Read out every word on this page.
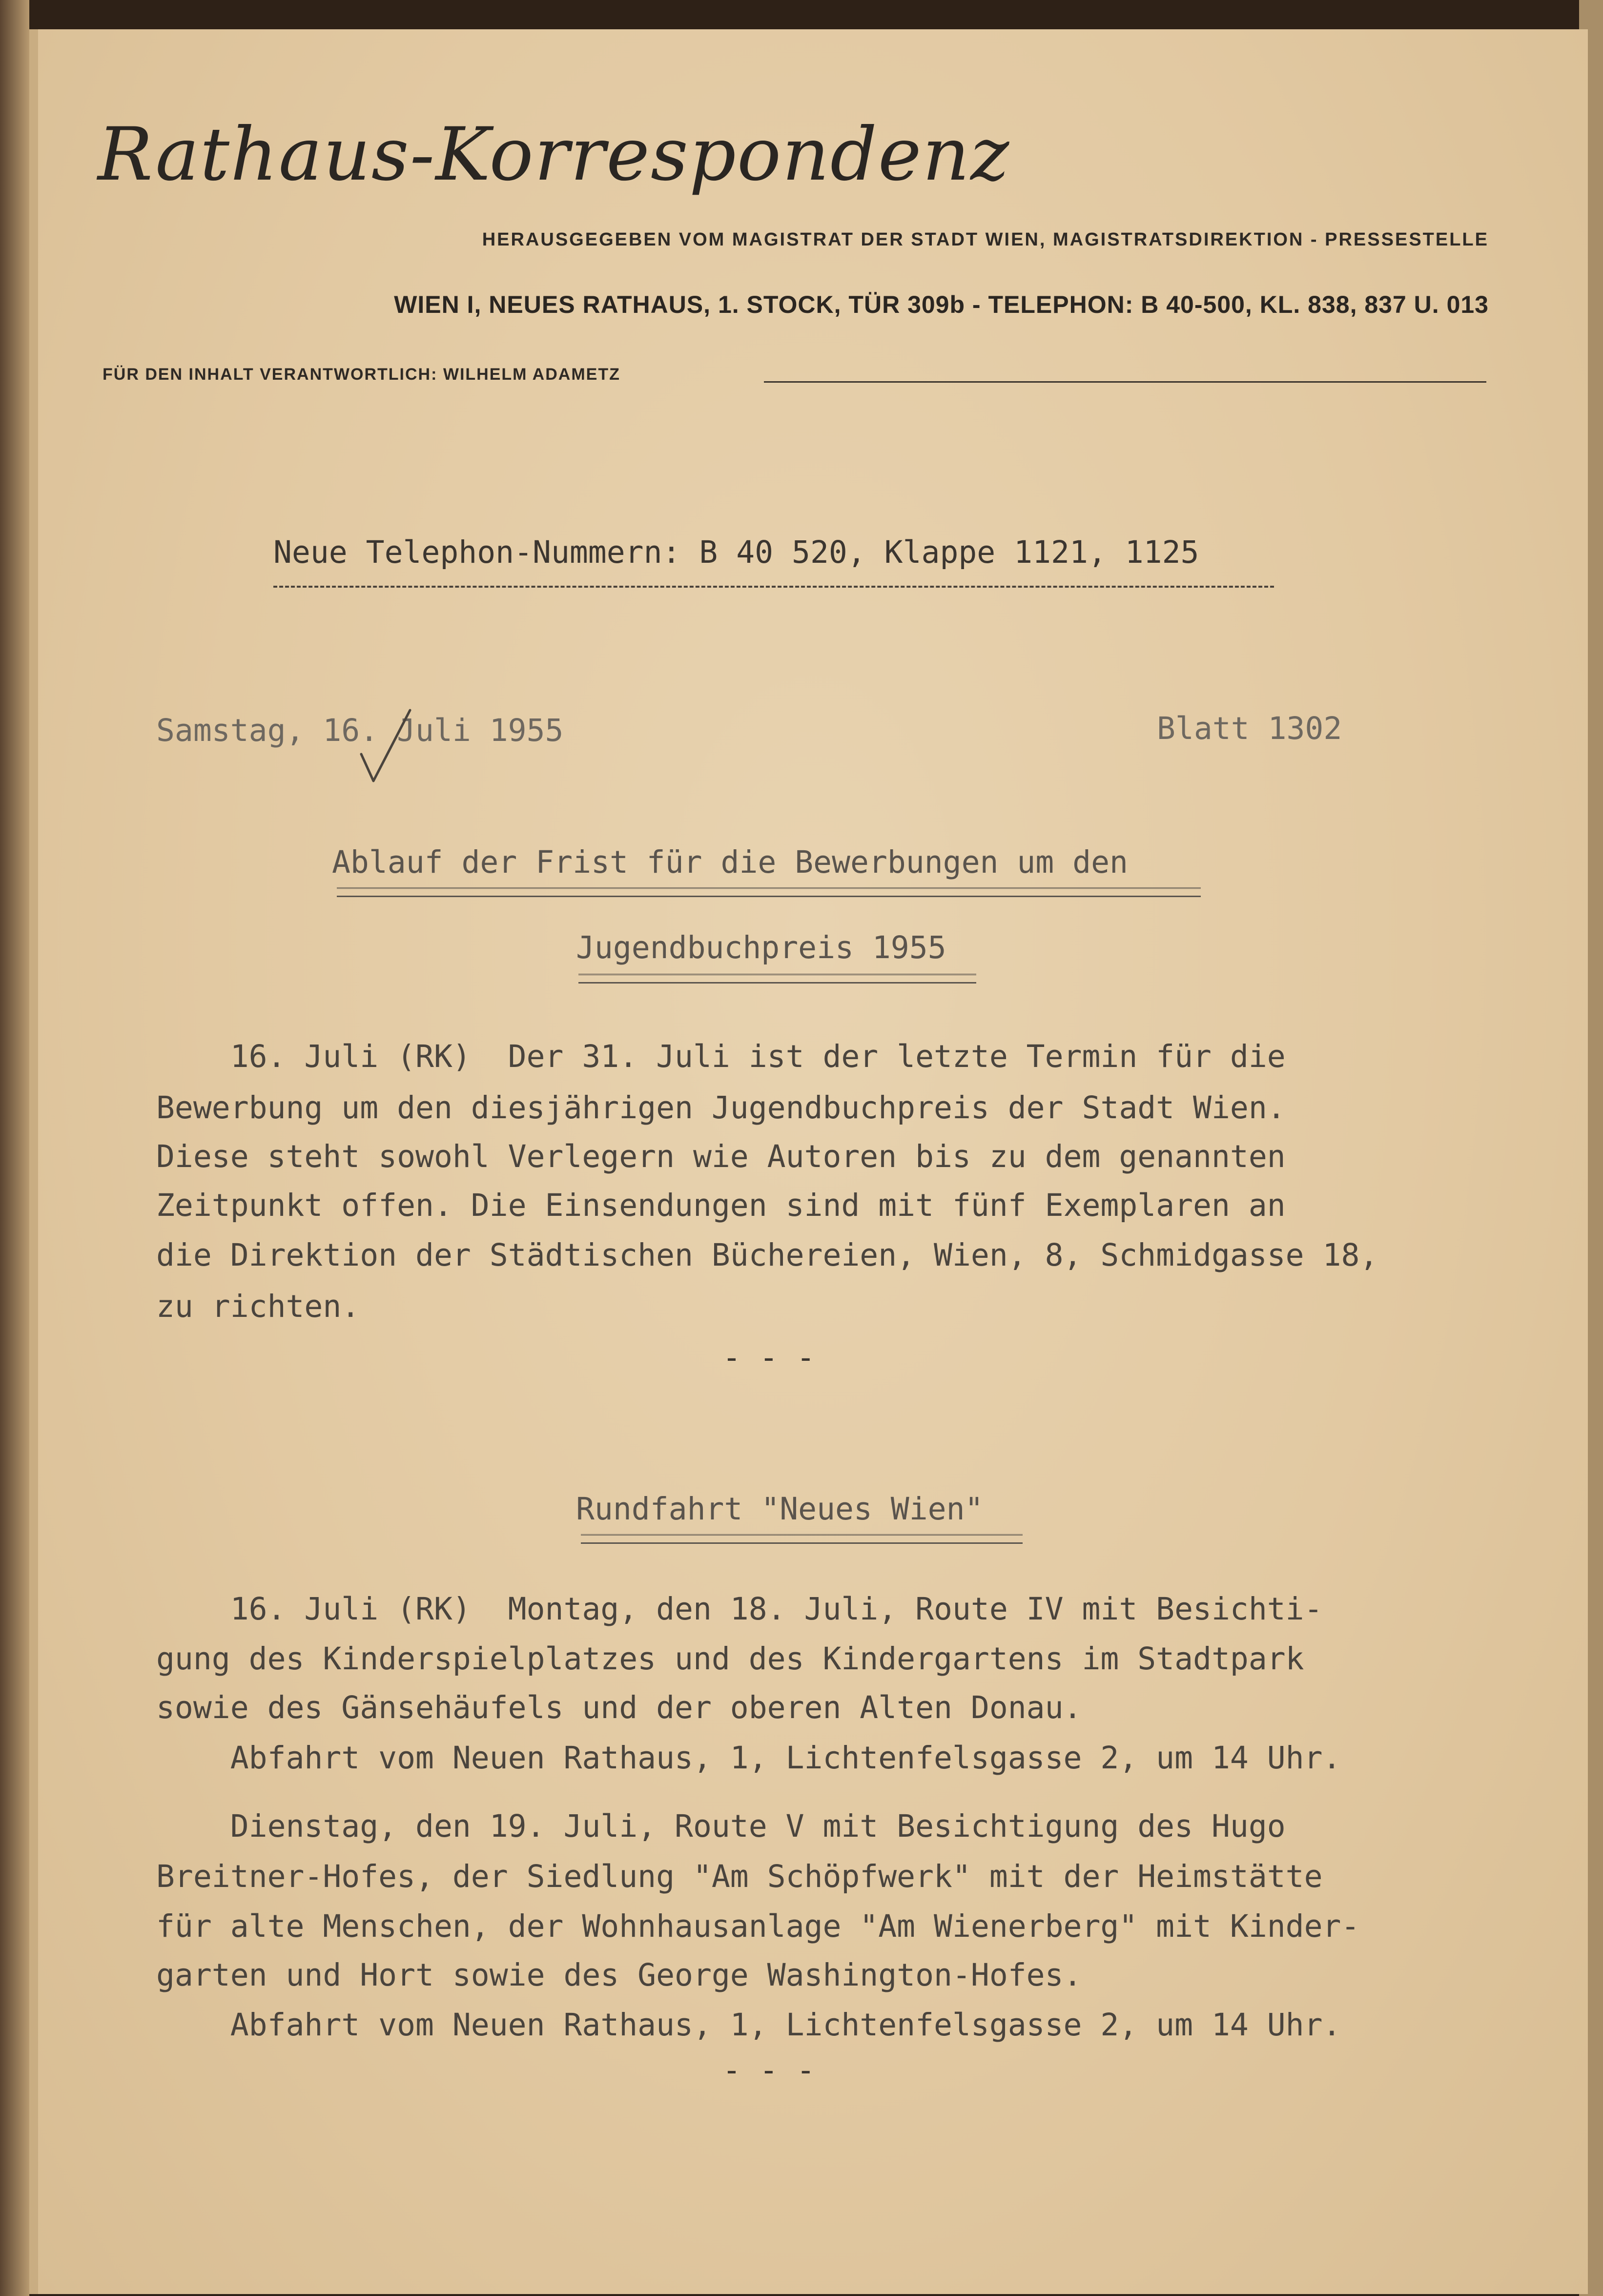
Rathaus-Korrespondenz
HERAUSGEGEBEN VOM MAGISTRAT DER STADT WIEN, MAGISTRATSDIREKTION - PRESSESTELLE
WIEN I, NEUES RATHAUS, 1. STOCK, TÜR 309b - TELEPHON: B 40-500, KL. 838, 837 U. 013
FÜR DEN INHALT VERANTWORTLICH: WILHELM ADAMETZ
Neue Telephon-Nummern: B 40 520, Klappe 1121, 1125
Samstag, 16. Juli 1955	Blatt 1302
Ablauf der Frist für die Bewerbungen um den
Jugendbuchpreis 1955
16. Juli (RK)  Der 31. Juli ist der letzte Termin für die
Bewerbung um den diesjährigen Jugendbuchpreis der Stadt Wien.
Diese steht sowohl Verlegern wie Autoren bis zu dem genannten
Zeitpunkt offen. Die Einsendungen sind mit fünf Exemplaren an
die Direktion der Städtischen Büchereien, Wien, 8, Schmidgasse 18,
zu richten.
- - -
Rundfahrt "Neues Wien"
16. Juli (RK)  Montag, den 18. Juli, Route IV mit Besichti-
gung des Kinderspielplatzes und des Kindergartens im Stadtpark
sowie des Gänsehäufels und der oberen Alten Donau.
Abfahrt vom Neuen Rathaus, 1, Lichtenfelsgasse 2, um 14 Uhr.
Dienstag, den 19. Juli, Route V mit Besichtigung des Hugo
Breitner-Hofes, der Siedlung "Am Schöpfwerk" mit der Heimstätte
für alte Menschen, der Wohnhausanlage "Am Wienerberg" mit Kinder-
garten und Hort sowie des George Washington-Hofes.
Abfahrt vom Neuen Rathaus, 1, Lichtenfelsgasse 2, um 14 Uhr.
- - -
